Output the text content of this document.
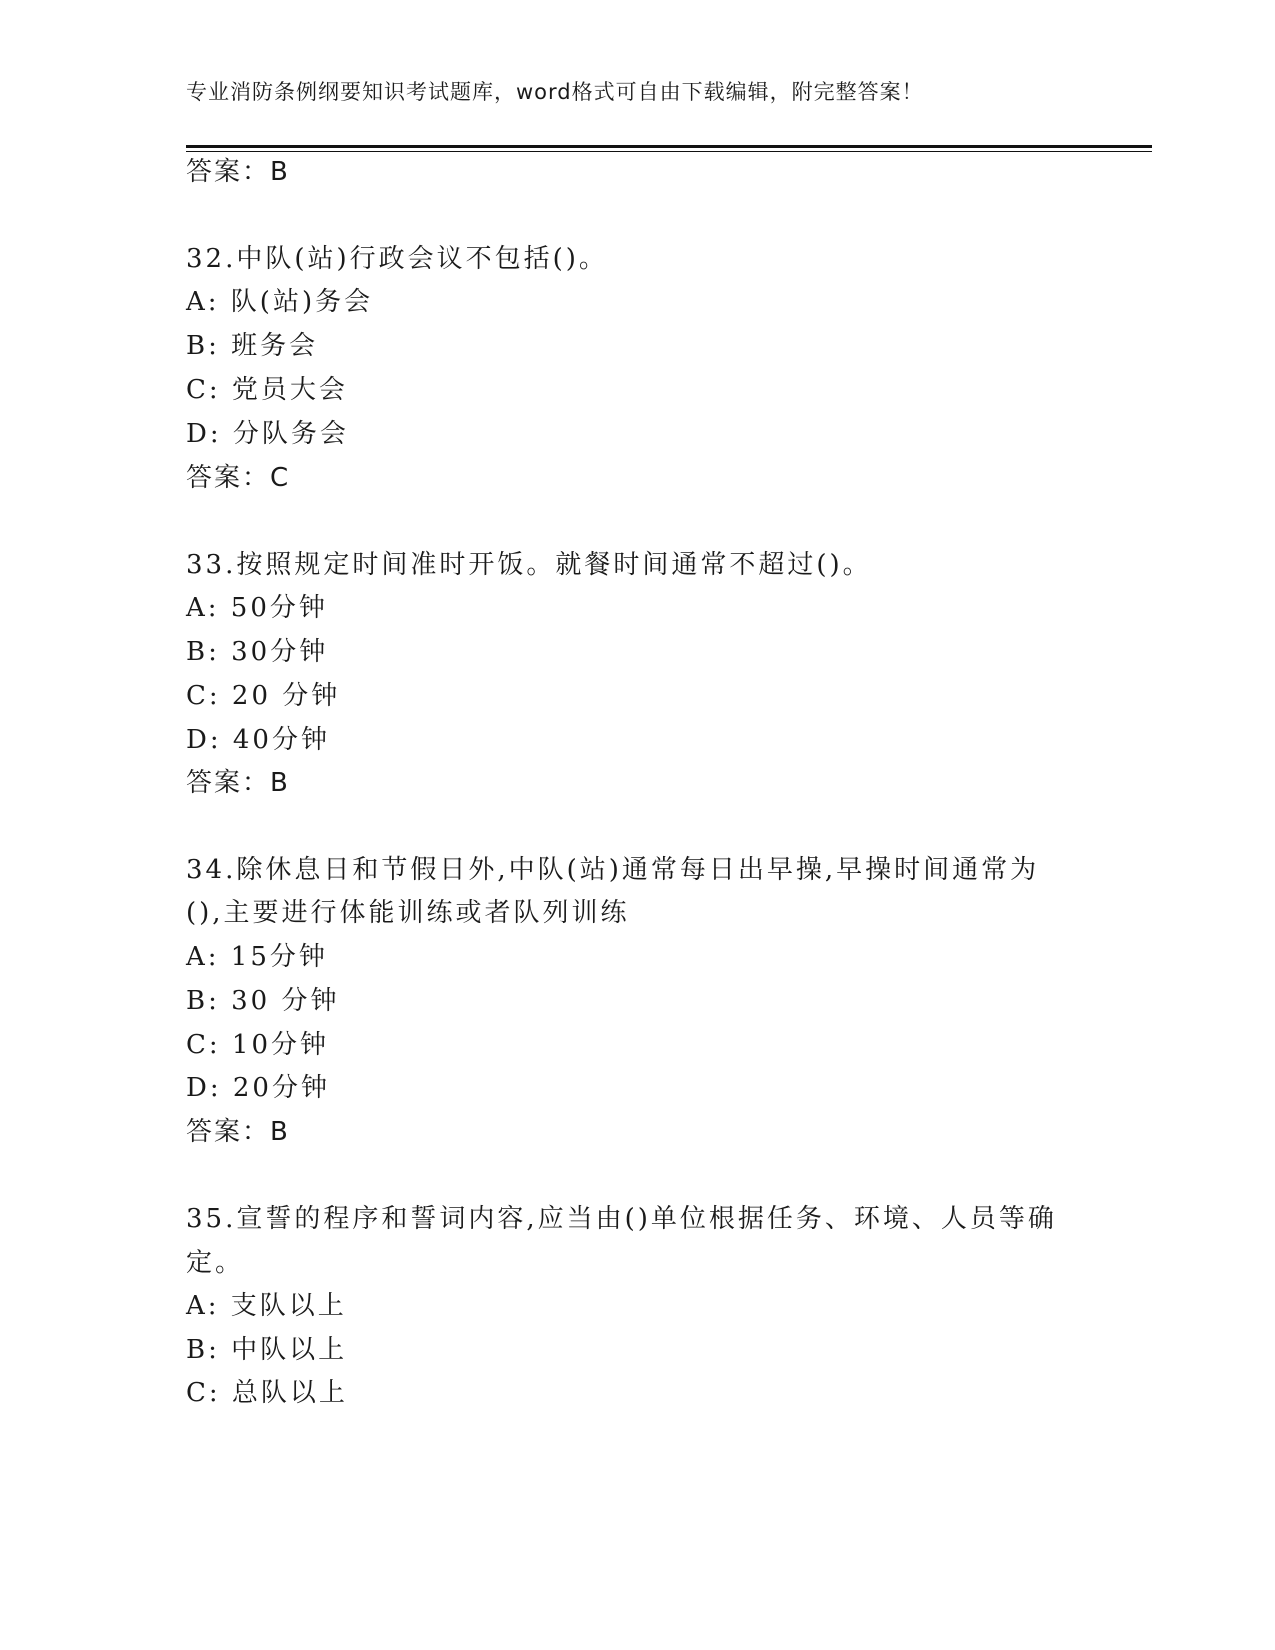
专业消防条例纲要知识考试题库，word格式可自由下载编辑，附完整答案！
答案：B
32.中队(站)行政会议不包括()。
A: 队(站)务会
B: 班务会
C: 党员大会
D: 分队务会
答案：C
33.按照规定时间准时开饭。就餐时间通常不超过()。
A: 50分钟
B: 30分钟
C: 20 分钟
D: 40分钟
答案：B
34.除休息日和节假日外,中队(站)通常每日出早操,早操时间通常为
(),主要进行体能训练或者队列训练
A: 15分钟
B: 30 分钟
C: 10分钟
D: 20分钟
答案：B
35.宣誓的程序和誓词内容,应当由()单位根据任务、环境、人员等确
定。
A: 支队以上
B: 中队以上
C: 总队以上
